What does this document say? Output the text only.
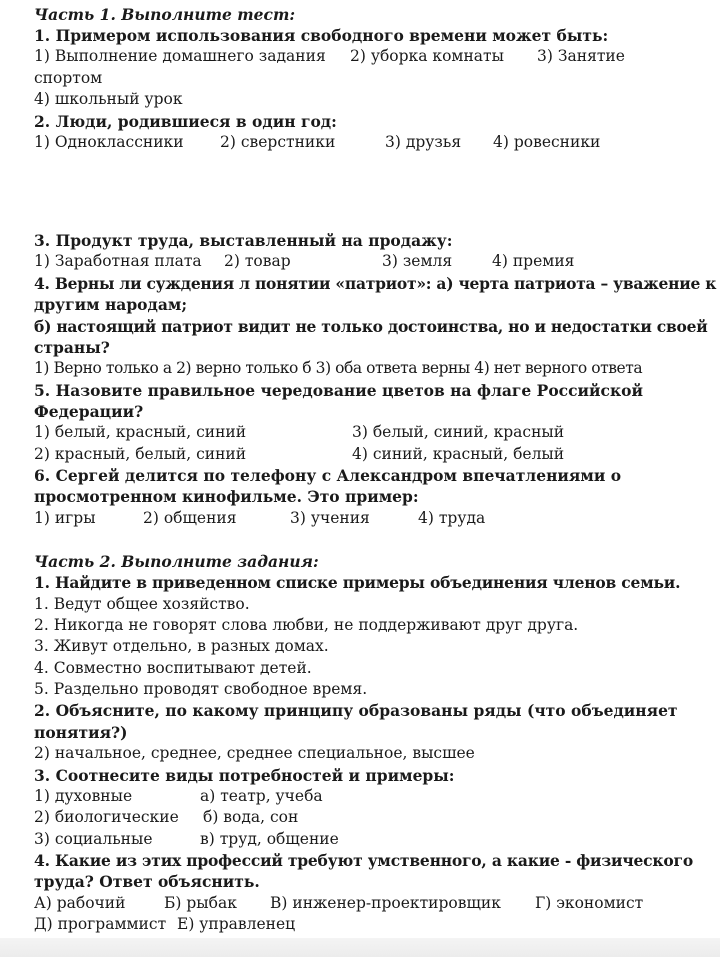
Часть 1. Выполните тест:
1. Примером использования свободного времени может быть:
1) Выполнение домашнего задания 2) уборка комнаты 3) Занятие
спортом
4) школьный урок
2. Люди, родившиеся в один год:
1) Одноклассники 2) сверстники	3) друзья 4) ровесники
3. Продукт труда, выставленный на продажу:
1) Заработная плата 2) товар	3) земля	4) премия
4. Верны ли суждения л понятии «патриот»: а) черта патриота – уважение к
другим народам;
б) настоящий патриот видит не только достоинства, но и недостатки своей
страны?
1) Верно только а 2) верно только б 3) оба ответа верны 4) нет верного ответа
5. Назовите правильное чередование цветов на флаге Российской
Федерации?
1) белый, красный, синий	3) белый, синий, красный
2) красный, белый, синий	4) синий, красный, белый
6. Сергей делится по телефону с Александром впечатлениями о
просмотренном кинофильме. Это пример:
1) игры	2) общения	3) учения	4) труда
Часть 2. Выполните задания:
1. Найдите в приведенном списке примеры объединения членов семьи.
1. Ведут общее хозяйство.
2. Никогда не говорят слова любви, не поддерживают друг друга.
3. Живут отдельно, в разных домах.
4. Совместно воспитывают детей.
5. Раздельно проводят свободное время.
2. Объясните, по какому принципу образованы ряды (что объединяет
понятия?)
2) начальное, среднее, среднее специальное, высшее
3. Соотнесите виды потребностей и примеры:
1) духовные	а) театр, учеба
2) биологические б) вода, сон
3) социальные	в) труд, общение
4. Какие из этих профессий требуют умственного, а какие - физического
труда? Ответ объяснить.
А) рабочий Б) рыбак В) инженер-проектировщик Г) экономист
Д) программист Е) управленец
